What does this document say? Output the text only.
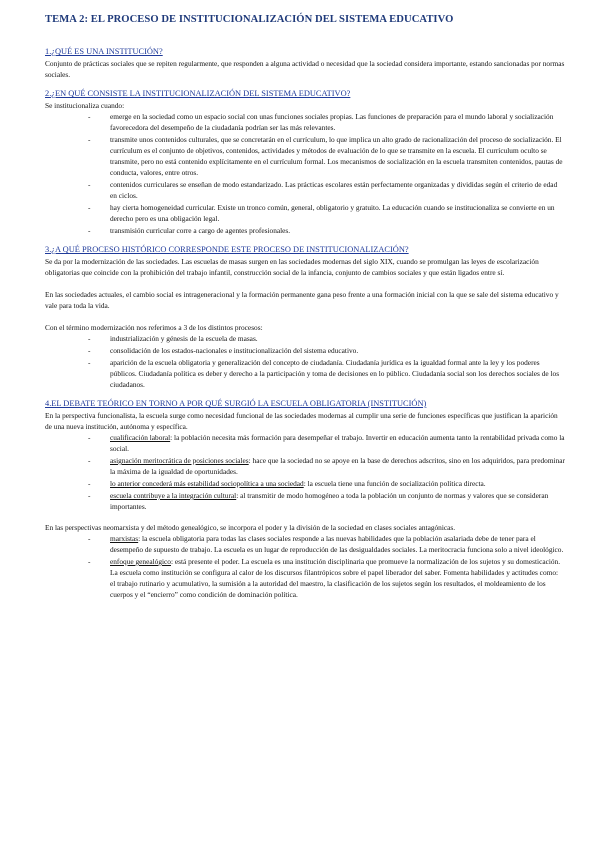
TEMA 2: EL PROCESO DE INSTITUCIONALIZACIÓN DEL SISTEMA EDUCATIVO
1.¿QUÉ ES UNA INSTITUCIÓN?

Conjunto de prácticas sociales que se repiten regularmente, que responden a alguna actividad o necesidad que la sociedad considera importante, estando sancionadas por normas sociales.

2.¿EN QUÉ CONSISTE LA INSTITUCIONALIZACIÓN DEL SISTEMA EDUCATIVO?

Se institucionaliza cuando:

- emerge en la sociedad como un espacio social con unas funciones sociales propias. Las funciones de preparación para el mundo laboral y socialización favorecedora del desempeño de la ciudadanía podrían ser las más relevantes.
- transmite unos contenidos culturales, que se concretarán en el currículum, lo que implica un alto grado de racionalización del proceso de socialización. El currículum es el conjunto de objetivos, contenidos, actividades y métodos de evaluación de lo que se transmite en la escuela. El currículum oculto se transmite, pero no está contenido explícitamente en el currículum formal. Los mecanismos de socialización en la escuela transmiten contenidos, pautas de conducta, valores, entre otros.
- contenidos curriculares se enseñan de modo estandarizado. Las prácticas escolares están perfectamente organizadas y divididas según el criterio de edad en ciclos.
- hay cierta homogeneidad curricular. Existe un tronco común, general, obligatorio y gratuito. La educación cuando se institucionaliza se convierte en un derecho pero es una obligación legal.
- transmisión curricular corre a cargo de agentes profesionales.
3.¿A QUÉ PROCESO HISTÓRICO CORRESPONDE ESTE PROCESO DE INSTITUCIONALIZACIÓN?

Se da por la modernización de las sociedades. Las escuelas de masas surgen en las sociedades modernas del siglo XIX, cuando se promulgan las leyes de escolarización obligatorias que coincide con la prohibición del trabajo infantil, construcción social de la infancia, conjunto de cambios sociales y que están ligados entre sí.

En las sociedades actuales, el cambio social es intrageneracional y la formación permanente gana peso frente a una formación inicial con la que se sale del sistema educativo y vale para toda la vida.

Con el término modernización nos referimos a 3 de los distintos procesos:

- industrialización y génesis de la escuela de masas.
- consolidación de los estados-nacionales e institucionalización del sistema educativo.
- aparición de la escuela obligatoria y generalización del concepto de ciudadanía. Ciudadanía jurídica es la igualdad formal ante la ley y los poderes públicos. Ciudadanía política es deber y derecho a la participación y toma de decisiones en lo público. Ciudadanía social son los derechos sociales de los ciudadanos.
4.EL DEBATE TEÓRICO EN TORNO A POR QUÉ SURGIÓ LA ESCUELA OBLIGATORIA (INSTITUCIÓN)

En la perspectiva funcionalista, la escuela surge como necesidad funcional de las sociedades modernas al cumplir una serie de funciones específicas que justifican la aparición de una nueva institución, autónoma y específica.

- cualificación laboral: la población necesita más formación para desempeñar el trabajo. Invertir en educación aumenta tanto la rentabilidad privada como la social.
- asignación meritocrática de posiciones sociales: hace que la sociedad no se apoye en la base de derechos adscritos, sino en los adquiridos, para predominar la máxima de la igualdad de oportunidades.
- lo anterior concederá más estabilidad sociopolítica a una sociedad: la escuela tiene una función de socialización política directa.
- escuela contribuye a la integración cultural: al transmitir de modo homogéneo a toda la población un conjunto de normas y valores que se consideran importantes.

En las perspectivas neomarxista y del método genealógico, se incorpora el poder y la división de la sociedad en clases sociales antagónicas.

- marxistas: la escuela obligatoria para todas las clases sociales responde a las nuevas habilidades que la población asalariada debe de tener para el desempeño de supuesto de trabajo. La escuela es un lugar de reproducción de las desigualdades sociales. La meritocracia funciona solo a nivel ideológico.
- enfoque genealógico: está presente el poder. La escuela es una institución disciplinaria que promueve la normalización de los sujetos y su domesticación. La escuela como institución se configura al calor de los discursos filantrópicos sobre el papel liberador del saber. Fomenta habilidades y actitudes como: el trabajo rutinario y acumulativo, la sumisión a la autoridad del maestro, la clasificación de los sujetos según los resultados, el moldeamiento de los cuerpos y el “encierro” como condición de dominación política.
